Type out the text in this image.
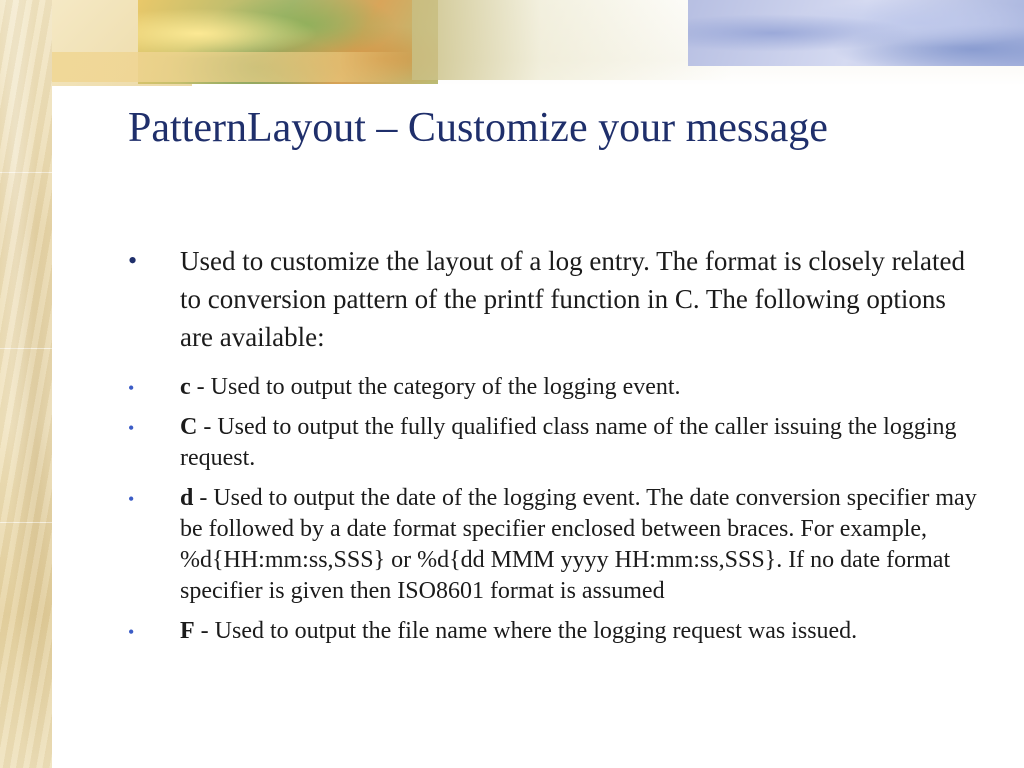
PatternLayout – Customize your message
• Used to customize the layout of a log entry. The format is closely related to conversion pattern of the printf function in C. The following options are available:
• c - Used to output the category of the logging event.
• C - Used to output the fully qualified class name of the caller issuing the logging request.
• d - Used to output the date of the logging event. The date conversion specifier may be followed by a date format specifier enclosed between braces. For example, %d{HH:mm:ss,SSS} or %d{dd MMM yyyy HH:mm:ss,SSS}. If no date format specifier is given then ISO8601 format is assumed
• F - Used to output the file name where the logging request was issued.
